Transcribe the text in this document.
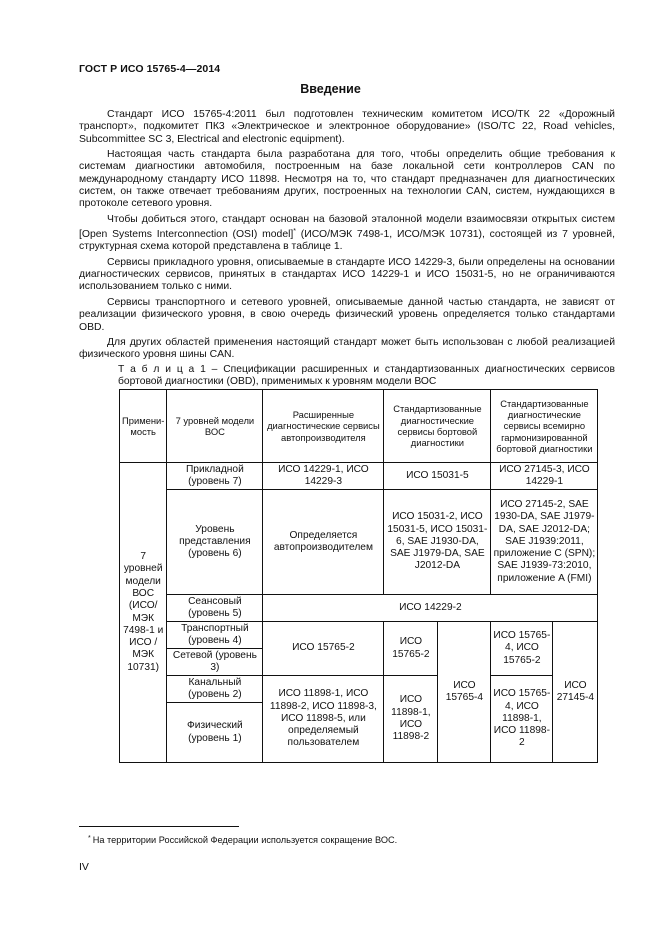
ГОСТ Р ИСО 15765-4—2014
Введение

Стандарт ИСО 15765-4:2011 был подготовлен техническим комитетом ИСО/ТК 22 «Дорожный транспорт», подкомитет ПК3 «Электрическое и электронное оборудование» (ISO/TC 22, Road vehicles, Subcommittee SC 3, Electrical and electronic equipment).

Настоящая часть стандарта была разработана для того, чтобы определить общие требования к системам диагностики автомобиля, построенным на базе локальной сети контроллеров CAN по международному стандарту ИСО 11898. Несмотря на то, что стандарт предназначен для диагностических систем, он также отвечает требованиям других, построенных на технологии CAN, систем, нуждающихся в протоколе сетевого уровня.

Чтобы добиться этого, стандарт основан на базовой эталонной модели взаимосвязи открытых систем [Open Systems Interconnection (OSI) model]* (ИСО/МЭК 7498-1, ИСО/МЭК 10731), состоящей из 7 уровней, структурная схема которой представлена в таблице 1.

Сервисы прикладного уровня, описываемые в стандарте ИСО 14229-3, были определены на основании диагностических сервисов, принятых в стандартах ИСО 14229-1 и ИСО 15031-5, но не ограничиваются использованием только с ними.

Сервисы транспортного и сетевого уровней, описываемые данной частью стандарта, не зависят от реализации физического уровня, в свою очередь физический уровень определяется только стандартами OBD.

Для других областей применения настоящий стандарт может быть использован с любой реализацией физического уровня шины CAN.

Т а б л и ц а 1 – Спецификации расширенных и стандартизованных диагностических сервисов бортовой диагностики (OBD), применимых к уровням модели ВОС
Примени-мость	7 уровней модели ВОС	Расширенные диагностические сервисы автопроизводителя	Стандартизованные диагностические сервисы бортовой диагностики		Стандартизованные диагностические сервисы всемирно гармонизированной бортовой диагностики	
7 уровней модели ВОС (ИСО/МЭК 7498-1 и ИСО /МЭК 10731)	Прикладной (уровень 7)	ИСО 14229-1, ИСО 14229-3	ИСО 15031-5		ИСО 27145-3, ИСО 14229-1	
	Уровень представления (уровень 6)	Определяется автопроизводителем	ИСО 15031-2, ИСО 15031-5, ИСО 15031-6, SAE J1930-DA, SAE J1979-DA, SAE J2012-DA		ИСО 27145-2, SAE 1930-DA, SAE J1979-DA, SAE J2012-DA; SAE J1939:2011, приложение C (SPN); SAE J1939-73:2010, приложение A (FMI)	
	Сеансовый (уровень 5)	ИСО 14229-2				
	Транспортный (уровень 4)	ИСО 15765-2	ИСО 15765-2	ИСО 15765-4	ИСО 15765-4, ИСО 15765-2	ИСО 27145-4
	Сетевой (уровень 3)					
	Канальный (уровень 2)	ИСО 11898-1, ИСО 11898-2, ИСО 11898-3, ИСО 11898-5, или определяемый пользователем	ИСО 11898-1, ИСО 11898-2		ИСО 15765-4, ИСО 11898-1, ИСО 11898-2	
	Физический (уровень 1)					
* На территории Российской Федерации используется сокращение ВОС.
IV
